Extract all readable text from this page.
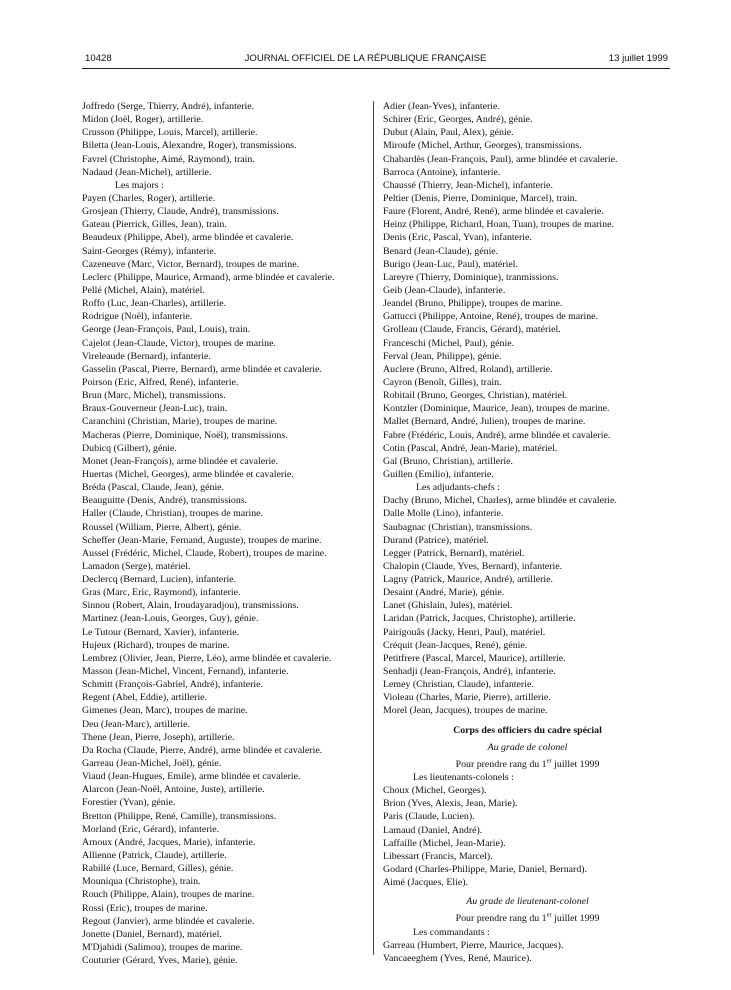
10428	JOURNAL OFFICIEL DE LA RÉPUBLIQUE FRANÇAISE	13 juillet 1999
Joffredo (Serge, Thierry, André), infanterie.
Midon (Joël, Roger), artillerie.
Crusson (Philippe, Louis, Marcel), artillerie.
Biletta (Jean-Louis, Alexandre, Roger), transmissions.
Favrel (Christophe, Aimé, Raymond), train.
Nadaud (Jean-Michel), artillerie.
Les majors :
Payen (Charles, Roger), artillerie.
Grosjean (Thierry, Claude, André), transmissions.
Gateau (Pierrick, Gilles, Jean), train.
Beaudeux (Philippe, Abel), arme blindée et cavalerie.
Saint-Georges (Rémy), infanterie.
Cazeneuve (Marc, Victor, Bernard), troupes de marine.
Leclerc (Philippe, Maurice, Armand), arme blindée et cavalerie.
Pellé (Michel, Alain), matériel.
Roffo (Luc, Jean-Charles), artillerie.
Rodrigue (Noël), infanterie.
George (Jean-François, Paul, Louis), train.
Cajelot (Jean-Claude, Victor), troupes de marine.
Vireleaude (Bernard), infanterie.
Gasselin (Pascal, Pierre, Bernard), arme blindée et cavalerie.
Poirson (Eric, Alfred, René), infanterie.
Brun (Marc, Michel), transmissions.
Braux-Gouverneur (Jean-Luc), train.
Caranchini (Christian, Marie), troupes de marine.
Macheras (Pierre, Dominique, Noël), transmissions.
Dubicq (Gilbert), génie.
Monet (Jean-François), arme blindée et cavalerie.
Huertas (Michel, Georges), arme blindée et cavalerie.
Bréda (Pascal, Claude, Jean), génie.
Beauguitte (Denis, André), transmissions.
Haller (Claude, Christian), troupes de marine.
Roussel (William, Pierre, Albert), génie.
Scheffer (Jean-Marie, Fernand, Auguste), troupes de marine.
Aussel (Frédéric, Michel, Claude, Robert), troupes de marine.
Lamadon (Serge), matériel.
Declercq (Bernard, Lucien), infanterie.
Gras (Marc, Eric, Raymond), infanterie.
Sinnou (Robert, Alain, Iroudayaradjou), transmissions.
Martinez (Jean-Louis, Georges, Guy), génie.
Le Tutour (Bernard, Xavier), infanterie.
Hujeux (Richard), troupes de marine.
Lembrez (Olivier, Jean, Pierre, Léo), arme blindée et cavalerie.
Masson (Jean-Michel, Vincent, Fernand), infanterie.
Schmitt (François-Gabriel, André), infanterie.
Regent (Abel, Eddie), artillerie.
Gimenes (Jean, Marc), troupes de marine.
Deu (Jean-Marc), artillerie.
Thene (Jean, Pierre, Joseph), artillerie.
Da Rocha (Claude, Pierre, André), arme blindée et cavalerie.
Garreau (Jean-Michel, Joël), génie.
Viaud (Jean-Hugues, Emile), arme blindée et cavalerie.
Alarcon (Jean-Noël, Antoine, Juste), artillerie.
Forestier (Yvan), génie.
Bretton (Philippe, René, Camille), transmissions.
Morland (Eric, Gérard), infanterie.
Arnoux (André, Jacques, Marie), infanterie.
Allienne (Patrick, Claude), artillerie.
Rabillé (Luce, Bernard, Gilles), génie.
Mouniqua (Christophe), train.
Rouch (Philippe, Alain), troupes de marine.
Rossi (Eric), troupes de marine.
Regout (Janvier), arme blindée et cavalerie.
Jonette (Daniel, Bernard), matériel.
M'Djahidi (Salimou), troupes de marine.
Couturier (Gérard, Yves, Marie), génie.
Adier (Jean-Yves), infanterie.
Schirer (Eric, Georges, André), génie.
Dubut (Alain, Paul, Alex), génie.
Miroufe (Michel, Arthur, Georges), transmissions.
Chabardès (Jean-François, Paul), arme blindée et cavalerie.
Barroca (Antoine), infanterie.
Chaussé (Thierry, Jean-Michel), infanterie.
Peltier (Denis, Pierre, Dominique, Marcel), train.
Faure (Florent, André, René), arme blindée et cavalerie.
Heinz (Philippe, Richard, Hoan, Tuan), troupes de marine.
Denis (Eric, Pascal, Yvan), infanterie.
Benard (Jean-Claude), génie.
Burigo (Jean-Luc, Paul), matériel.
Lareyre (Thierry, Dominique), tranmissions.
Geib (Jean-Claude), infanterie.
Jeandel (Bruno, Philippe), troupes de marine.
Gattucci (Philippe, Antoine, René), troupes de marine.
Grolleau (Claude, Francis, Gérard), matériel.
Franceschi (Michel, Paul), génie.
Ferval (Jean, Philippe), génie.
Auclere (Bruno, Alfred, Roland), artillerie.
Cayron (Benoît, Gilles), train.
Robitail (Bruno, Georges, Christian), matériel.
Kontzler (Dominique, Maurice, Jean), troupes de marine.
Mallet (Bernard, André, Julien), troupes de marine.
Fabre (Frédéric, Louis, André), arme blindée et cavalerie.
Cotin (Pascal, André, Jean-Marie), matériel.
Gal (Bruno, Christian), artillerie.
Guillen (Emilio), infanterie.
Les adjudants-chefs :
Dachy (Bruno, Michel, Charles), arme blindée et cavalerie.
Dalle Molle (Lino), infanterie.
Saubagnac (Christian), transmissions.
Durand (Patrice), matériel.
Legger (Patrick, Bernard), matériel.
Chalopin (Claude, Yves, Bernard), infanterie.
Lagny (Patrick, Maurice, André), artillerie.
Desaint (André, Marie), génie.
Lanet (Ghislain, Jules), matériel.
Laridan (Patrick, Jacques, Christophe), artillerie.
Pairigouâs (Jacky, Henri, Paul), matériel.
Créquit (Jean-Jacques, René), génie.
Petitfrere (Pascal, Marcel, Maurice), artillerie.
Senhadji (Jean-François, André), infanterie.
Lemey (Christian, Claude), infanterie.
Violeau (Charles, Marie, Pierre), artillerie.
Morel (Jean, Jacques), troupes de marine.
Corps des officiers du cadre spécial
Au grade de colonel
Pour prendre rang du 1er juillet 1999
Les lieutenants-colonels :
Choux (Michel, Georges).
Brion (Yves, Alexis, Jean, Marie).
Paris (Claude, Lucien).
Lamaud (Daniel, André).
Laffaille (Michel, Jean-Marie).
Libessart (Francis, Marcel).
Godard (Charles-Philippe, Marie, Daniel, Bernard).
Aimé (Jacques, Elie).
Au grade de lieutenant-colonel
Pour prendre rang du 1er juillet 1999
Les commandants :
Garreau (Humbert, Pierre, Maurice, Jacques).
Vancaeeghem (Yves, René, Maurice).
